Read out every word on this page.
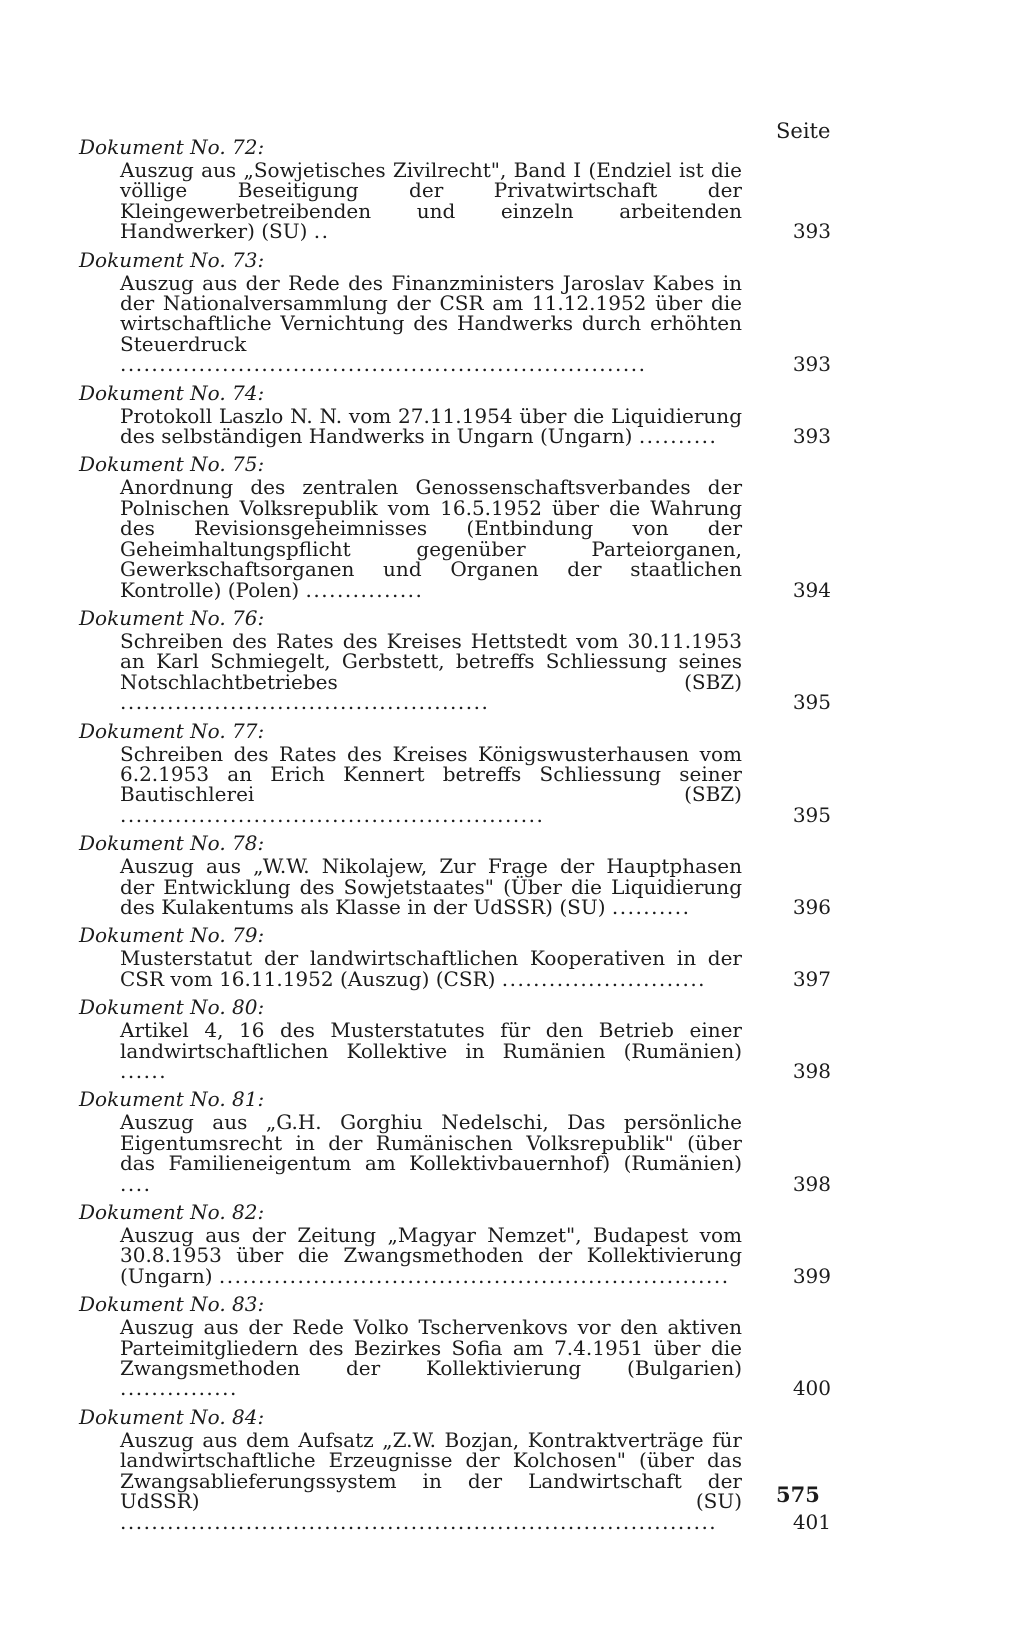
Seite
Dokument No. 72:
Auszug aus „Sowjetisches Zivilrecht", Band I (Endziel ist die völlige Beseitigung der Privatwirtschaft der Kleingewerbetreibenden und einzeln arbeitenden Handwerker) (SU) ..	393
Dokument No. 73:
Auszug aus der Rede des Finanzministers Jaroslav Kabes in der Nationalversammlung der CSR am 11.12.1952 über die wirtschaftliche Vernichtung des Handwerks durch erhöhten Steuerdruck ...................................................................	393
Dokument No. 74:
Protokoll Laszlo N. N. vom 27.11.1954 über die Liquidierung des selbständigen Handwerks in Ungarn (Ungarn) ..........	393
Dokument No. 75:
Anordnung des zentralen Genossenschaftsverbandes der Polnischen Volksrepublik vom 16.5.1952 über die Wahrung des Revisionsgeheimnisses (Entbindung von der Geheimhaltungspflicht gegenüber Parteiorganen, Gewerkschaftsorganen und Organen der staatlichen Kontrolle) (Polen) ...............	394
Dokument No. 76:
Schreiben des Rates des Kreises Hettstedt vom 30.11.1953 an Karl Schmiegelt, Gerbstett, betreffs Schliessung seines Notschlachtbetriebes (SBZ) ...............................................	395
Dokument No. 77:
Schreiben des Rates des Kreises Königswusterhausen vom 6.2.1953 an Erich Kennert betreffs Schliessung seiner Bautischlerei (SBZ) ......................................................	395
Dokument No. 78:
Auszug aus „W.W. Nikolajew, Zur Frage der Hauptphasen der Entwicklung des Sowjetstaates" (Über die Liquidierung des Kulakentums als Klasse in der UdSSR) (SU) ..........	396
Dokument No. 79:
Musterstatut der landwirtschaftlichen Kooperativen in der CSR vom 16.11.1952 (Auszug) (CSR) ..........................	397
Dokument No. 80:
Artikel 4, 16 des Musterstatutes für den Betrieb einer landwirtschaftlichen Kollektive in Rumänien (Rumänien) ......	398
Dokument No. 81:
Auszug aus „G.H. Gorghiu Nedelschi, Das persönliche Eigentumsrecht in der Rumänischen Volksrepublik" (über das Familieneigentum am Kollektivbauernhof) (Rumänien) ....	398
Dokument No. 82:
Auszug aus der Zeitung „Magyar Nemzet", Budapest vom 30.8.1953 über die Zwangsmethoden der Kollektivierung (Ungarn) .................................................................	399
Dokument No. 83:
Auszug aus der Rede Volko Tschervenkovs vor den aktiven Parteimitgliedern des Bezirkes Sofia am 7.4.1951 über die Zwangsmethoden der Kollektivierung (Bulgarien) ...............	400
Dokument No. 84:
Auszug aus dem Aufsatz „Z.W. Bozjan, Kontraktverträge für landwirtschaftliche Erzeugnisse der Kolchosen" (über das Zwangsablieferungssystem in der Landwirtschaft der UdSSR) (SU) ............................................................................	401
575
